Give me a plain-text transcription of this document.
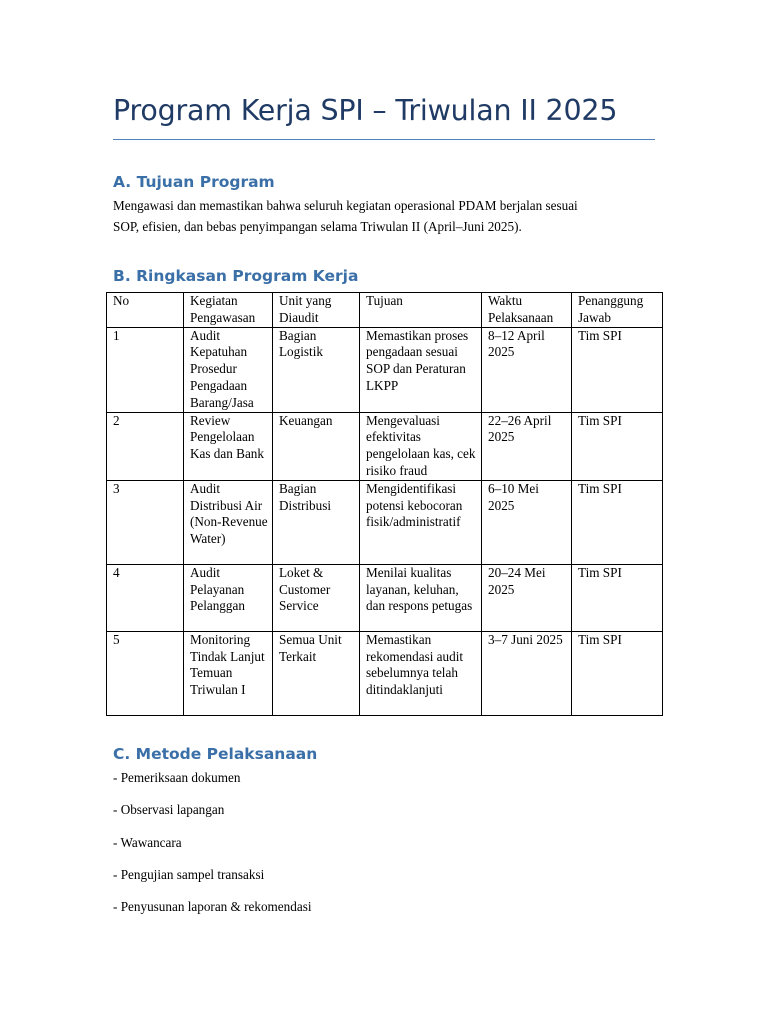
Program Kerja SPI – Triwulan II 2025
A. Tujuan Program

Mengawasi dan memastikan bahwa seluruh kegiatan operasional PDAM berjalan sesuai

SOP, efisien, dan bebas penyimpangan selama Triwulan II (April–Juni 2025).

B. Ringkasan Program Kerja
No	Kegiatan Pengawasan	Unit yang Diaudit	Tujuan	Waktu Pelaksanaan	Penanggung Jawab
1	Audit Kepatuhan Prosedur Pengadaan Barang/Jasa	Bagian Logistik	Memastikan proses pengadaan sesuai SOP dan Peraturan LKPP	8–12 April 2025	Tim SPI
2	Review Pengelolaan Kas dan Bank	Keuangan	Mengevaluasi efektivitas pengelolaan kas, cek risiko fraud	22–26 April 2025	Tim SPI
3	Audit Distribusi Air (Non-Revenue Water)	Bagian Distribusi	Mengidentifikasi potensi kebocoran fisik/administratif	6–10 Mei 2025	Tim SPI
4	Audit Pelayanan Pelanggan	Loket & Customer Service	Menilai kualitas layanan, keluhan, dan respons petugas	20–24 Mei 2025	Tim SPI
5	Monitoring Tindak Lanjut Temuan Triwulan I	Semua Unit Terkait	Memastikan rekomendasi audit sebelumnya telah ditindaklanjuti	3–7 Juni 2025	Tim SPI
C. Metode Pelaksanaan
- Pemeriksaan dokumen
- Observasi lapangan
- Wawancara
- Pengujian sampel transaksi
- Penyusunan laporan & rekomendasi
